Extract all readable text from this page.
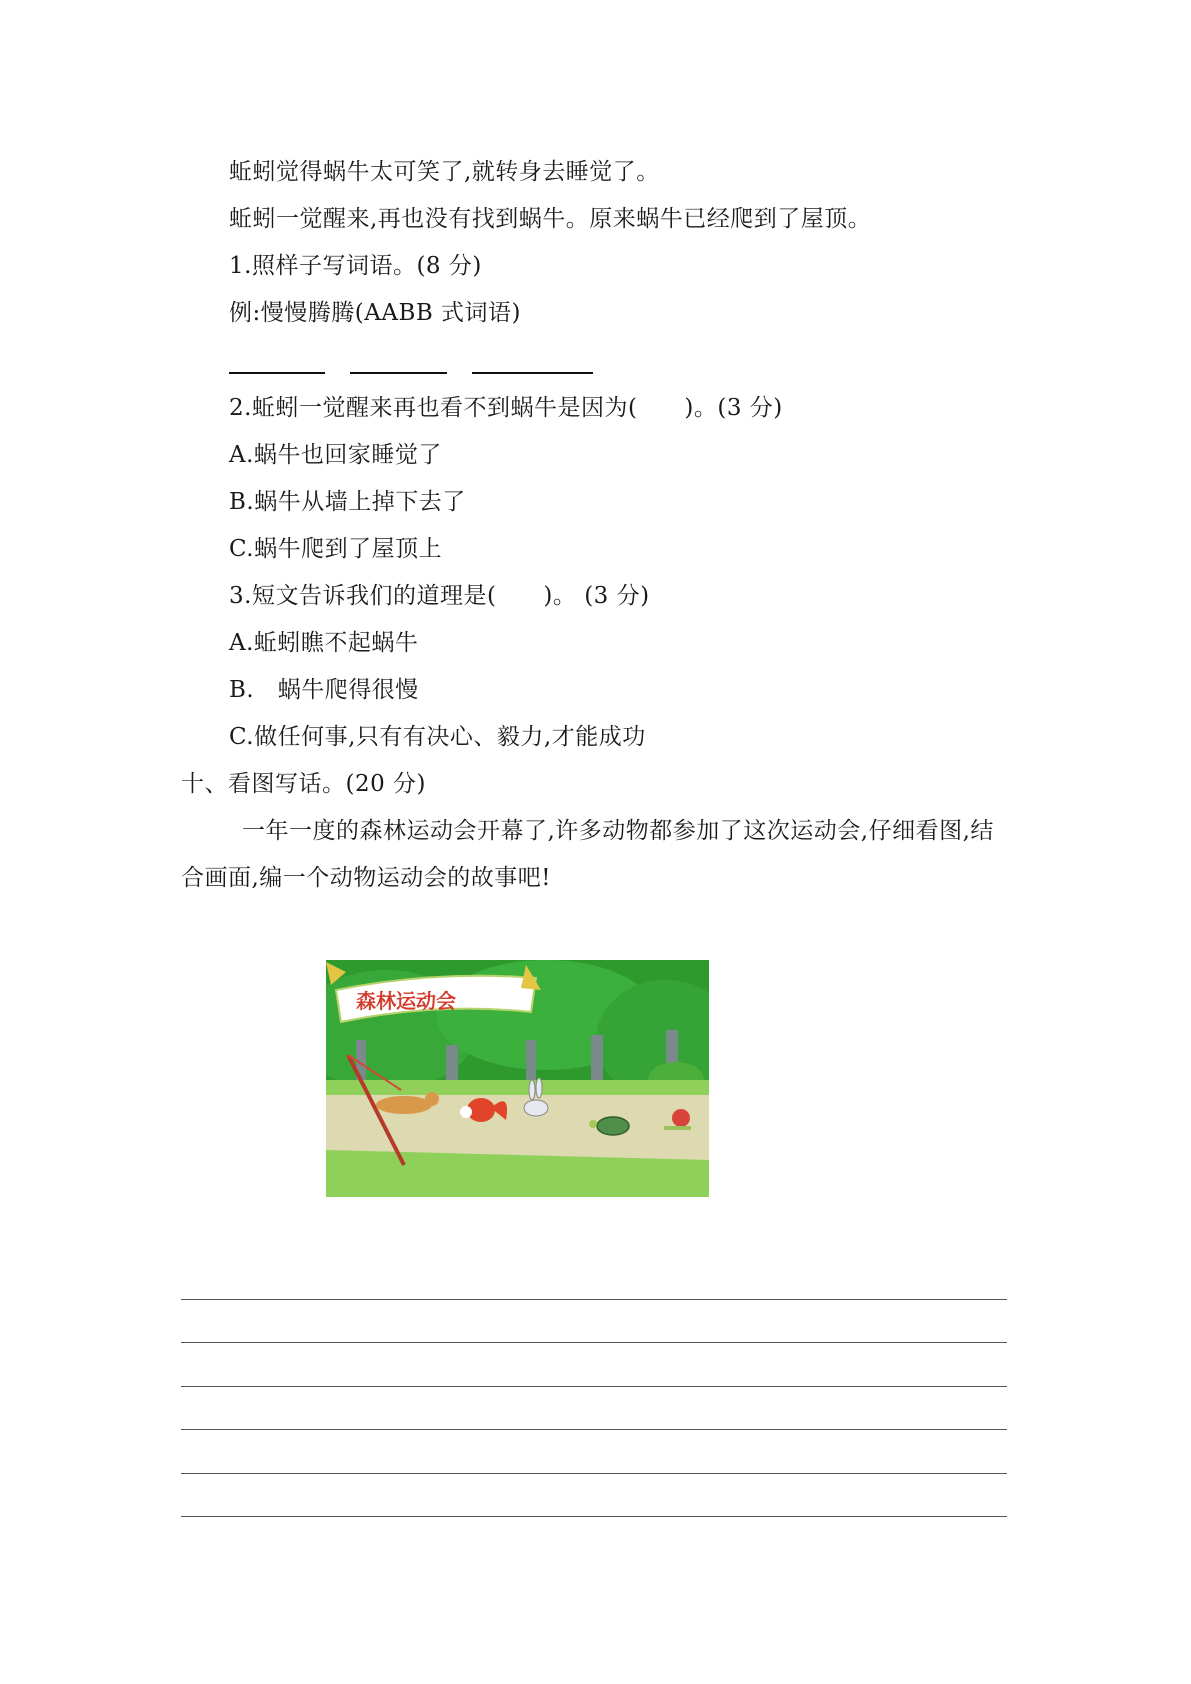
蚯蚓觉得蜗牛太可笑了,就转身去睡觉了。
蚯蚓一觉醒来,再也没有找到蜗牛。原来蜗牛已经爬到了屋顶。
1.照样子写词语。(8 分)
例:慢慢腾腾(AABB 式词语)
2.蚯蚓一觉醒来再也看不到蜗牛是因为(　　)。(3 分)
A.蜗牛也回家睡觉了
B.蜗牛从墙上掉下去了
C.蜗牛爬到了屋顶上
3.短文告诉我们的道理是(　　)。 (3 分)
A.蚯蚓瞧不起蜗牛
B.　蜗牛爬得很慢
C.做任何事,只有有决心、毅力,才能成功
十、看图写话。(20 分)
一年一度的森林运动会开幕了,许多动物都参加了这次运动会,仔细看图,结合画面,编一个动物运动会的故事吧!
森林运动会
